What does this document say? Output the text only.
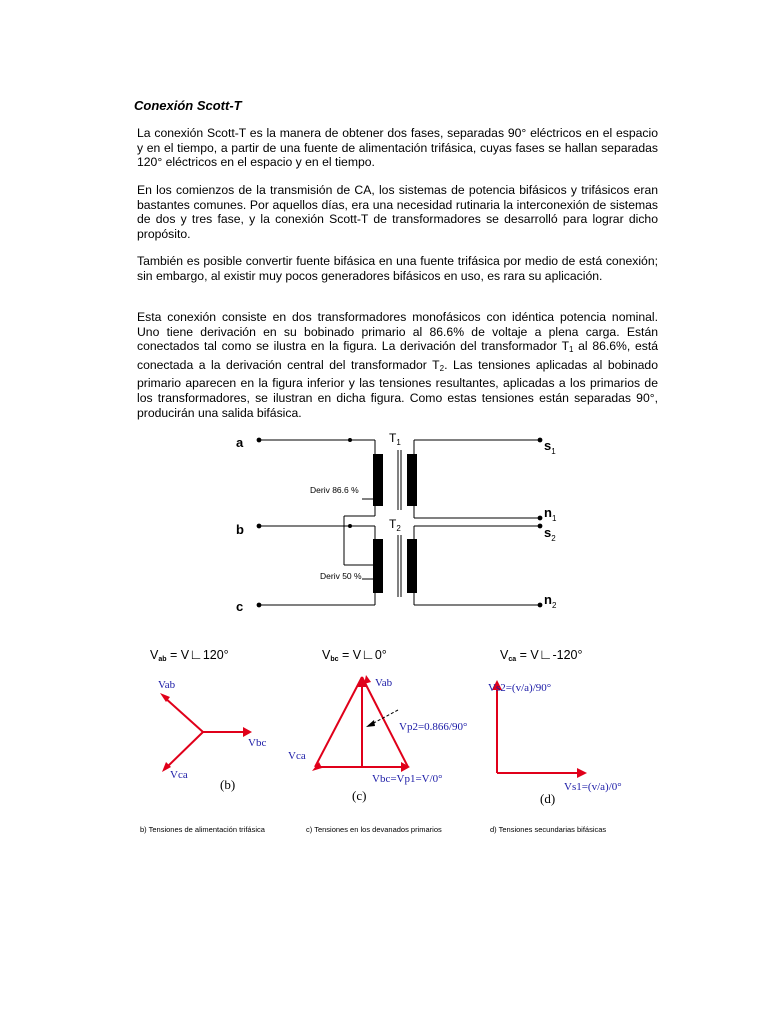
Conexión Scott-T

La conexión Scott-T es la manera de obtener dos fases, separadas 90° eléctricos en el espacio y en el tiempo, a partir de una fuente de alimentación trifásica, cuyas fases se hallan separadas 120° eléctricos en el espacio y en el tiempo.

En los comienzos de la transmisión de CA, los sistemas de potencia bifásicos y trifásicos eran bastantes comunes. Por aquellos días, era una necesidad rutinaria la interconexión de sistemas de dos y tres fase, y la conexión Scott-T de transformadores se desarrolló para lograr dicho propósito.

También es posible convertir fuente bifásica en una fuente trifásica por medio de está conexión; sin embargo, al existir muy pocos generadores bifásicos en uso, es rara su aplicación.

Esta conexión consiste en dos transformadores monofásicos con idéntica potencia nominal. Uno tiene derivación en su bobinado primario al 86.6% de voltaje a plena carga. Están conectados tal como se ilustra en la figura. La derivación del transformador $T_1$ al 86.6%, está conectada a la derivación central del transformador $T_2$. Las tensiones aplicadas al bobinado primario aparecen en la figura inferior y las tensiones resultantes, aplicadas a los primarios de los transformadores, se ilustran en dicha figura. Como estas tensiones están separadas 90°, producirán una salida bifásica.

a
b
c
$T_1$
$T_2$
Deriv 86.6 %
Deriv 50 %
$s_1$
$n_1$
$s_2$
$n_2$
Vab = V∟120°	Vbc = V∟0°	Vca = V∟-120°
Vab
Vbc
Vca
(b)
Vab
Vca
Vp2=0.866/90°
Vbc=Vp1=V/0°
(c)
Vs2=(v/a)/90°
Vs1=(v/a)/0°
(d)
b) Tensiones de alimentación trifásica	c) Tensiones en los devanados primarios	d) Tensiones secundarias bifásicas
